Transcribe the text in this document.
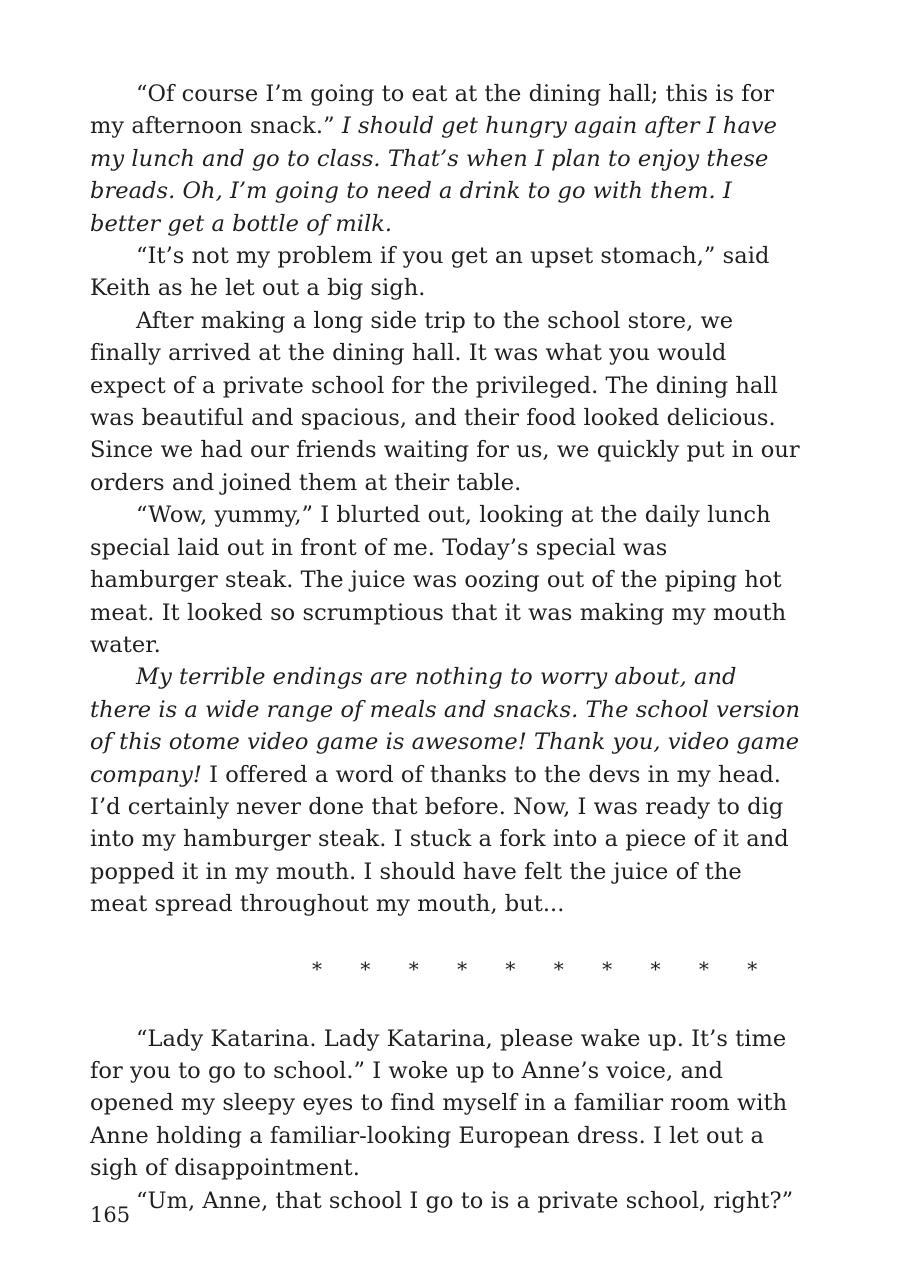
“Of course I’m going to eat at the dining hall; this is for my afternoon snack.” I should get hungry again after I have my lunch and go to class. That’s when I plan to enjoy these breads. Oh, I’m going to need a drink to go with them. I better get a bottle of milk.

“It’s not my problem if you get an upset stomach,” said Keith as he let out a big sigh.

After making a long side trip to the school store, we finally arrived at the dining hall. It was what you would expect of a private school for the privileged. The dining hall was beautiful and spacious, and their food looked delicious. Since we had our friends waiting for us, we quickly put in our orders and joined them at their table.

“Wow, yummy,” I blurted out, looking at the daily lunch special laid out in front of me. Today’s special was hamburger steak. The juice was oozing out of the piping hot meat. It looked so scrumptious that it was making my mouth water.

My terrible endings are nothing to worry about, and there is a wide range of meals and snacks. The school version of this otome video game is awesome! Thank you, video game company! I offered a word of thanks to the devs in my head. I’d certainly never done that before. Now, I was ready to dig into my hamburger steak. I stuck a fork into a piece of it and popped it in my mouth. I should have felt the juice of the meat spread throughout my mouth, but...

* * * * * * * * * *

“Lady Katarina. Lady Katarina, please wake up. It’s time for you to go to school.” I woke up to Anne’s voice, and opened my sleepy eyes to find myself in a familiar room with Anne holding a familiar-looking European dress. I let out a sigh of disappointment.

“Um, Anne, that school I go to is a private school, right?”

165
